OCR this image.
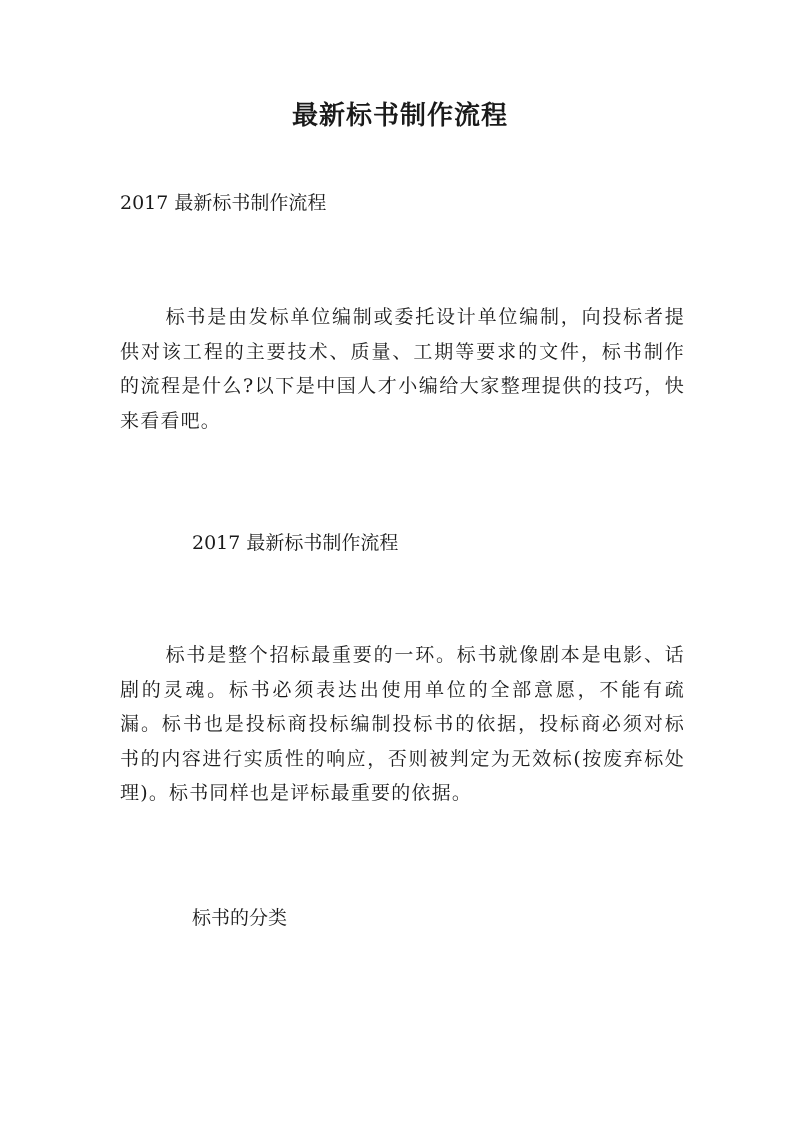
最新标书制作流程

2017 最新标书制作流程

标书是由发标单位编制或委托设计单位编制，向投标者提供对该工程的主要技术、质量、工期等要求的文件，标书制作的流程是什么?以下是中国人才小编给大家整理提供的技巧，快来看看吧。

2017 最新标书制作流程

标书是整个招标最重要的一环。标书就像剧本是电影、话剧的灵魂。标书必须表达出使用单位的全部意愿，不能有疏漏。标书也是投标商投标编制投标书的依据，投标商必须对标书的内容进行实质性的响应，否则被判定为无效标(按废弃标处理)。标书同样也是评标最重要的依据。

标书的分类
